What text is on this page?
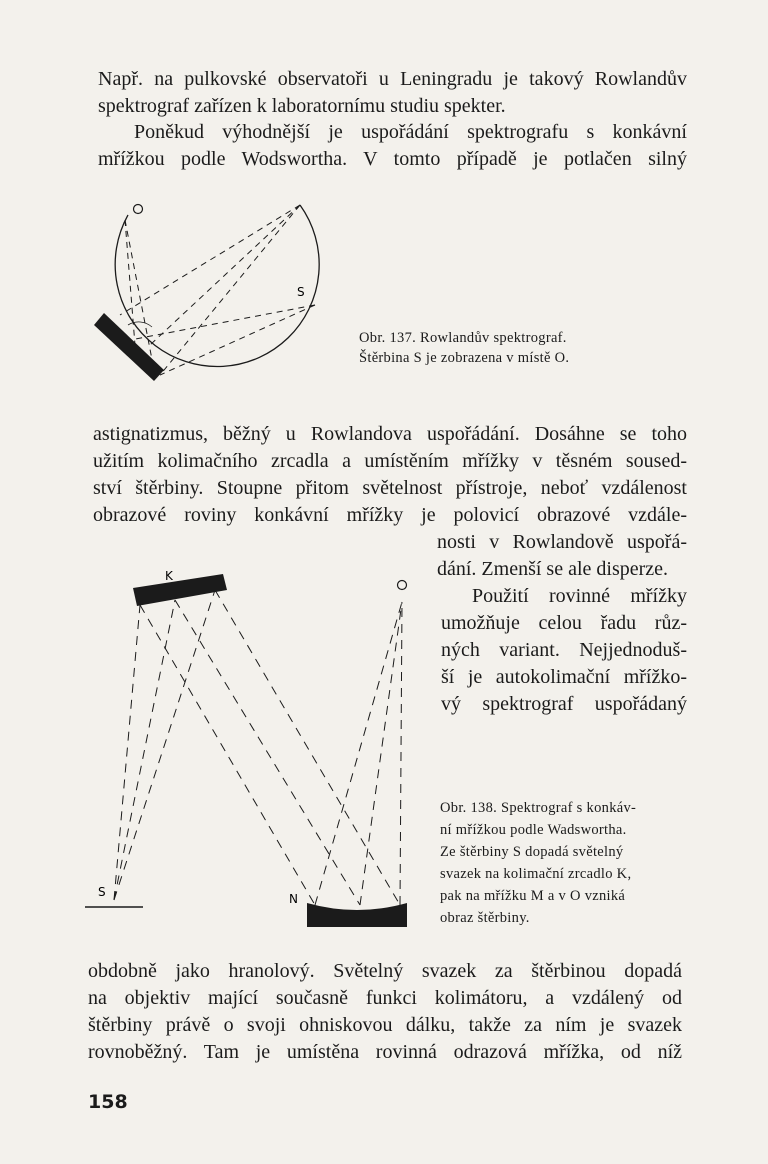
Např. na pulkovské observatoři u Leningradu je takový Rowlandův
spektrograf zařízen k laboratornímu studiu spekter.
Poněkud výhodnější je uspořádání spektrografu s konkávní
mřížkou podle Wodswortha. V tomto případě je potlačen silný
S
Obr. 137. Rowlandův spektrograf.
Štěrbina S je zobrazena v místě O.
astignatizmus, běžný u Rowlandova uspořádání. Dosáhne se toho
užitím kolimačního zrcadla a umístěním mřížky v těsném soused-
ství štěrbiny. Stoupne přitom světelnost přístroje, neboť vzdálenost
obrazové roviny konkávní mřížky je polovicí obrazové vzdále-
nosti v Rowlandově uspořá-
dání. Zmenší se ale disperze.
Použití rovinné mřížky
umožňuje celou řadu růz-
ných variant. Nejjednoduš-
ší je autokolimační mřížko-
vý spektrograf uspořádaný
K
S	N
Obr. 138. Spektrograf s konkáv-
ní mřížkou podle Wadswortha.
Ze štěrbiny S dopadá světelný
svazek na kolimační zrcadlo K,
pak na mřížku M a v O vzniká
obraz štěrbiny.
obdobně jako hranolový. Světelný svazek za štěrbinou dopadá
na objektiv mající současně funkci kolimátoru, a vzdálený od
štěrbiny právě o svoji ohniskovou dálku, takže za ním je svazek
rovnoběžný. Tam je umístěna rovinná odrazová mřížka, od níž
158
